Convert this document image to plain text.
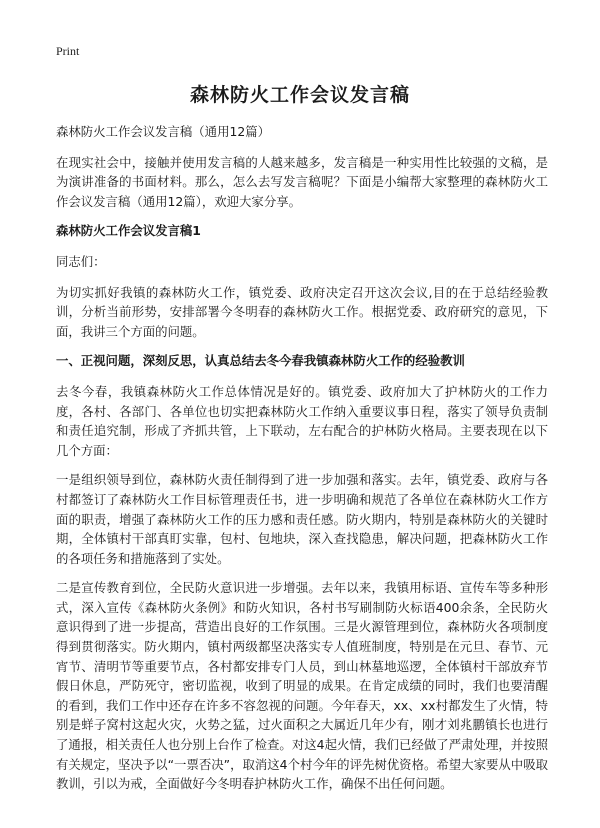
Print
森林防火工作会议发言稿

森林防火工作会议发言稿（通用12篇）

在现实社会中，接触并使用发言稿的人越来越多，发言稿是一种实用性比较强的文稿，是为演讲准备的书面材料。那么，怎么去写发言稿呢？下面是小编帮大家整理的森林防火工作会议发言稿（通用12篇），欢迎大家分享。

森林防火工作会议发言稿1

同志们：

为切实抓好我镇的森林防火工作，镇党委、政府决定召开这次会议,目的在于总结经验教训，分析当前形势，安排部署今冬明春的森林防火工作。根据党委、政府研究的意见，下面，我讲三个方面的问题。

一、正视问题，深刻反思，认真总结去冬今春我镇森林防火工作的经验教训

去冬今春，我镇森林防火工作总体情况是好的。镇党委、政府加大了护林防火的工作力度，各村、各部门、各单位也切实把森林防火工作纳入重要议事日程，落实了领导负责制和责任追究制，形成了齐抓共管，上下联动，左右配合的护林防火格局。主要表现在以下几个方面：

一是组织领导到位，森林防火责任制得到了进一步加强和落实。去年，镇党委、政府与各村都签订了森林防火工作目标管理责任书，进一步明确和规范了各单位在森林防火工作方面的职责，增强了森林防火工作的压力感和责任感。防火期内，特别是森林防火的关键时期，全体镇村干部真盯实靠，包村、包地块，深入查找隐患，解决问题，把森林防火工作的各项任务和措施落到了实处。

二是宣传教育到位，全民防火意识进一步增强。去年以来，我镇用标语、宣传车等多种形式，深入宣传《森林防火条例》和防火知识，各村书写刷制防火标语400余条，全民防火意识得到了进一步提高，营造出良好的工作氛围。三是火源管理到位，森林防火各项制度得到贯彻落实。防火期内，镇村两级都坚决落实专人值班制度，特别是在元旦、春节、元宵节、清明节等重要节点，各村都安排专门人员，到山林墓地巡逻，全体镇村干部放弃节假日休息，严防死守，密切监视，收到了明显的成果。在肯定成绩的同时，我们也要清醒的看到，我们工作中还存在许多不容忽视的问题。今年春天，xx、xx村都发生了火情，特别是蛘子窝村这起火灾，火势之猛，过火面积之大属近几年少有，刚才刘兆鹏镇长也进行了通报，相关责任人也分别上台作了检查。对这4起火情，我们已经做了严肃处理，并按照有关规定，坚决予以“一票否决”，取消这4个村今年的评先树优资格。希望大家要从中吸取教训，引以为戒，全面做好今冬明春护林防火工作，确保不出任何问题。
